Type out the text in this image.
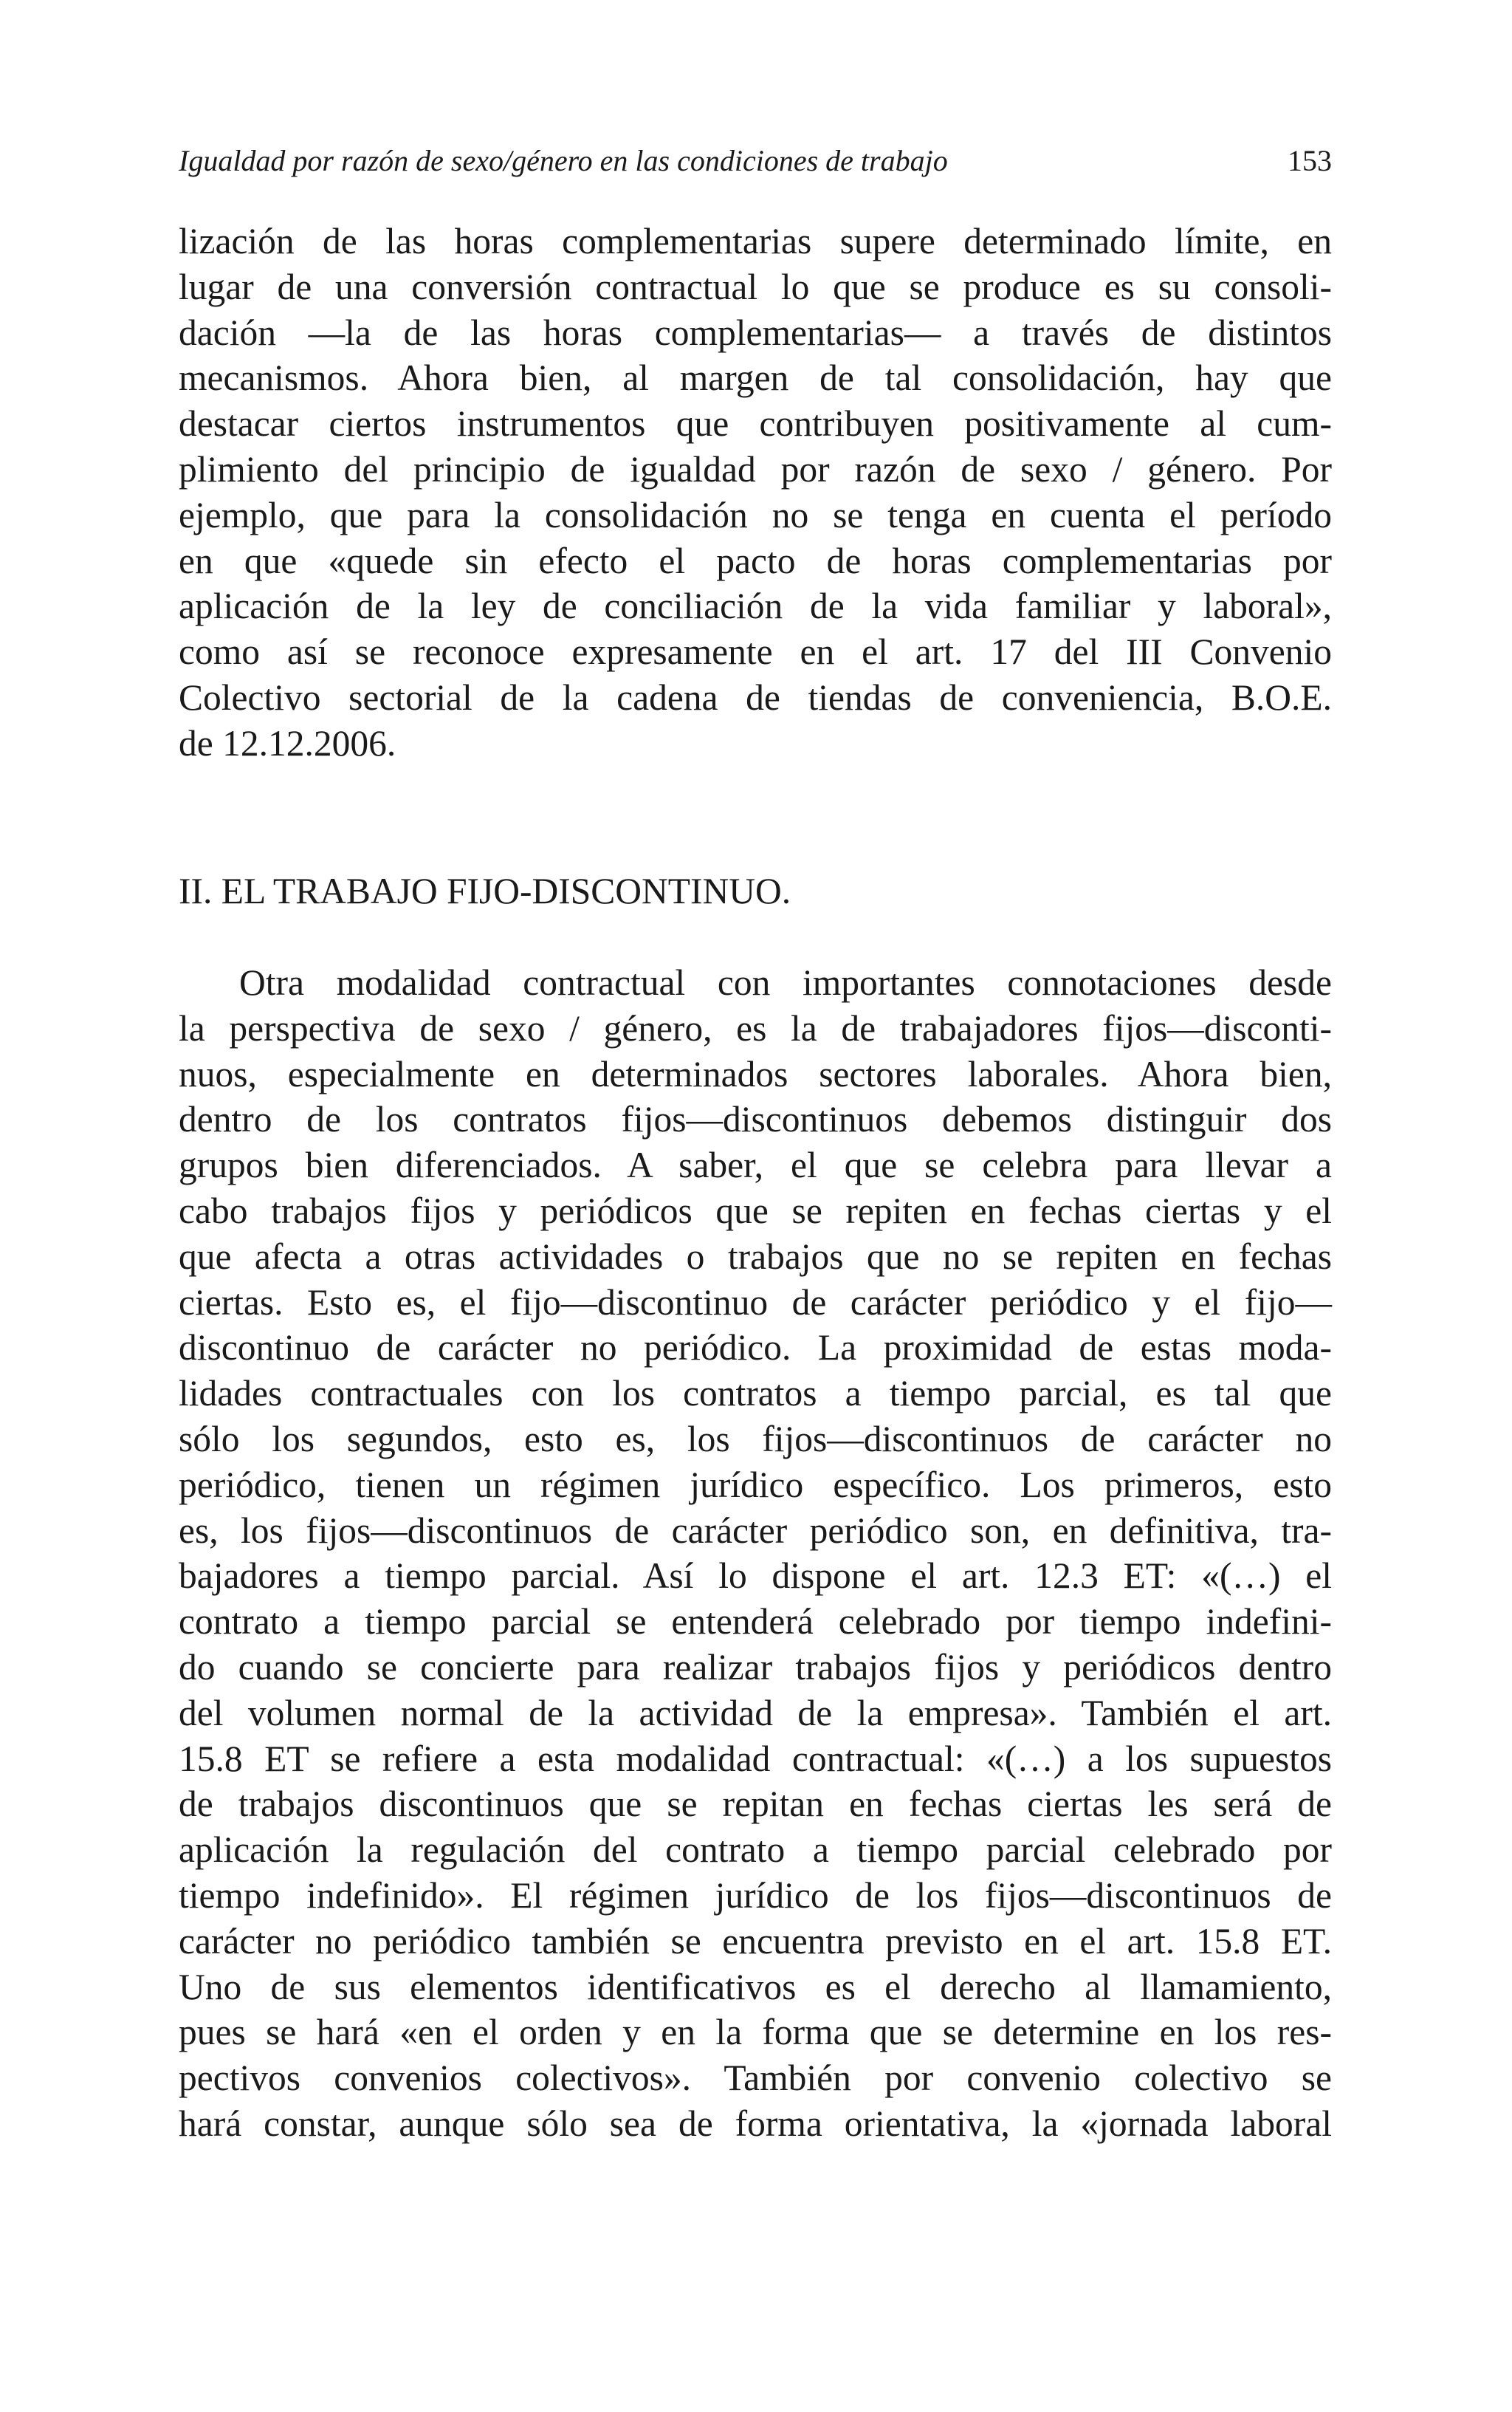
Igualdad por razón de sexo/género en las condiciones de trabajo	153
lización de las horas complementarias supere determinado límite, en
lugar de una conversión contractual lo que se produce es su consoli-
dación —la de las horas complementarias— a través de distintos
mecanismos. Ahora bien, al margen de tal consolidación, hay que
destacar ciertos instrumentos que contribuyen positivamente al cum-
plimiento del principio de igualdad por razón de sexo / género. Por
ejemplo, que para la consolidación no se tenga en cuenta el período
en que «quede sin efecto el pacto de horas complementarias por
aplicación de la ley de conciliación de la vida familiar y laboral»,
como así se reconoce expresamente en el art. 17 del III Convenio
Colectivo sectorial de la cadena de tiendas de conveniencia, B.O.E.
de 12.12.2006.
II. EL TRABAJO FIJO-DISCONTINUO.
Otra modalidad contractual con importantes connotaciones desde
la perspectiva de sexo / género, es la de trabajadores fijos—disconti-
nuos, especialmente en determinados sectores laborales. Ahora bien,
dentro de los contratos fijos—discontinuos debemos distinguir dos
grupos bien diferenciados. A saber, el que se celebra para llevar a
cabo trabajos fijos y periódicos que se repiten en fechas ciertas y el
que afecta a otras actividades o trabajos que no se repiten en fechas
ciertas. Esto es, el fijo—discontinuo de carácter periódico y el fijo—
discontinuo de carácter no periódico. La proximidad de estas moda-
lidades contractuales con los contratos a tiempo parcial, es tal que
sólo los segundos, esto es, los fijos—discontinuos de carácter no
periódico, tienen un régimen jurídico específico. Los primeros, esto
es, los fijos—discontinuos de carácter periódico son, en definitiva, tra-
bajadores a tiempo parcial. Así lo dispone el art. 12.3 ET: «(…) el
contrato a tiempo parcial se entenderá celebrado por tiempo indefini-
do cuando se concierte para realizar trabajos fijos y periódicos dentro
del volumen normal de la actividad de la empresa». También el art.
15.8 ET se refiere a esta modalidad contractual: «(…) a los supuestos
de trabajos discontinuos que se repitan en fechas ciertas les será de
aplicación la regulación del contrato a tiempo parcial celebrado por
tiempo indefinido». El régimen jurídico de los fijos—discontinuos de
carácter no periódico también se encuentra previsto en el art. 15.8 ET.
Uno de sus elementos identificativos es el derecho al llamamiento,
pues se hará «en el orden y en la forma que se determine en los res-
pectivos convenios colectivos». También por convenio colectivo se
hará constar, aunque sólo sea de forma orientativa, la «jornada laboral
